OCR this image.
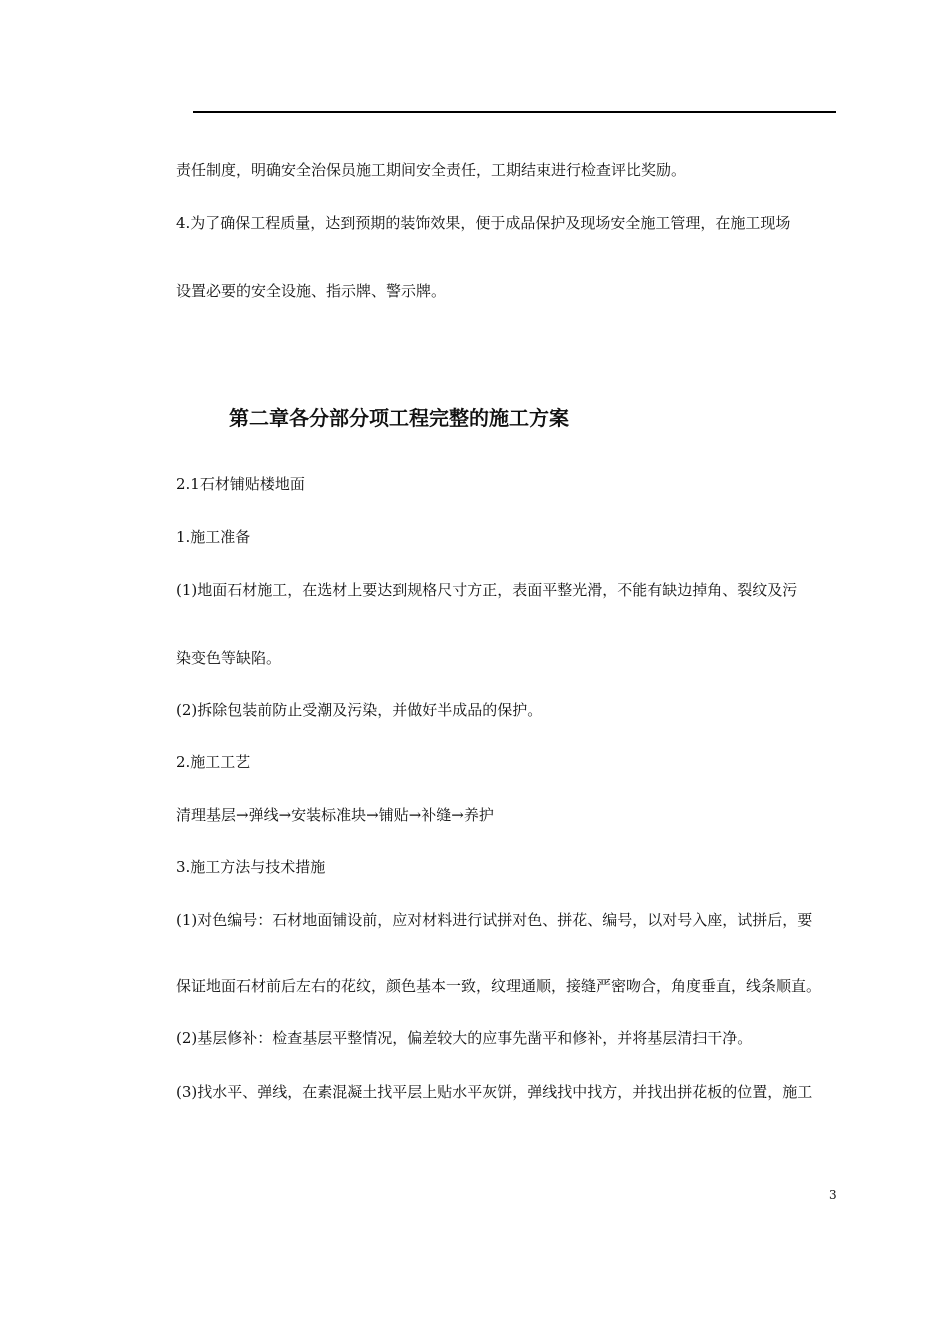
责任制度，明确安全治保员施工期间安全责任，工期结束进行检查评比奖励。
4.为了确保工程质量，达到预期的装饰效果，便于成品保护及现场安全施工管理，在施工现场
设置必要的安全设施、指示牌、警示牌。
第二章各分部分项工程完整的施工方案
2.1石材铺贴楼地面
1.施工准备
(1)地面石材施工，在选材上要达到规格尺寸方正，表面平整光滑，不能有缺边掉角、裂纹及污
染变色等缺陷。
(2)拆除包装前防止受潮及污染，并做好半成品的保护。
2.施工工艺
清理基层→弹线→安装标准块→铺贴→补缝→养护
3.施工方法与技术措施
(1)对色编号：石材地面铺设前，应对材料进行试拼对色、拼花、编号，以对号入座，试拼后，要
保证地面石材前后左右的花纹，颜色基本一致，纹理通顺，接缝严密吻合，角度垂直，线条顺直。
(2)基层修补：检查基层平整情况，偏差较大的应事先凿平和修补，并将基层清扫干净。
(3)找水平、弹线，在素混凝土找平层上贴水平灰饼，弹线找中找方，并找出拼花板的位置，施工
3
